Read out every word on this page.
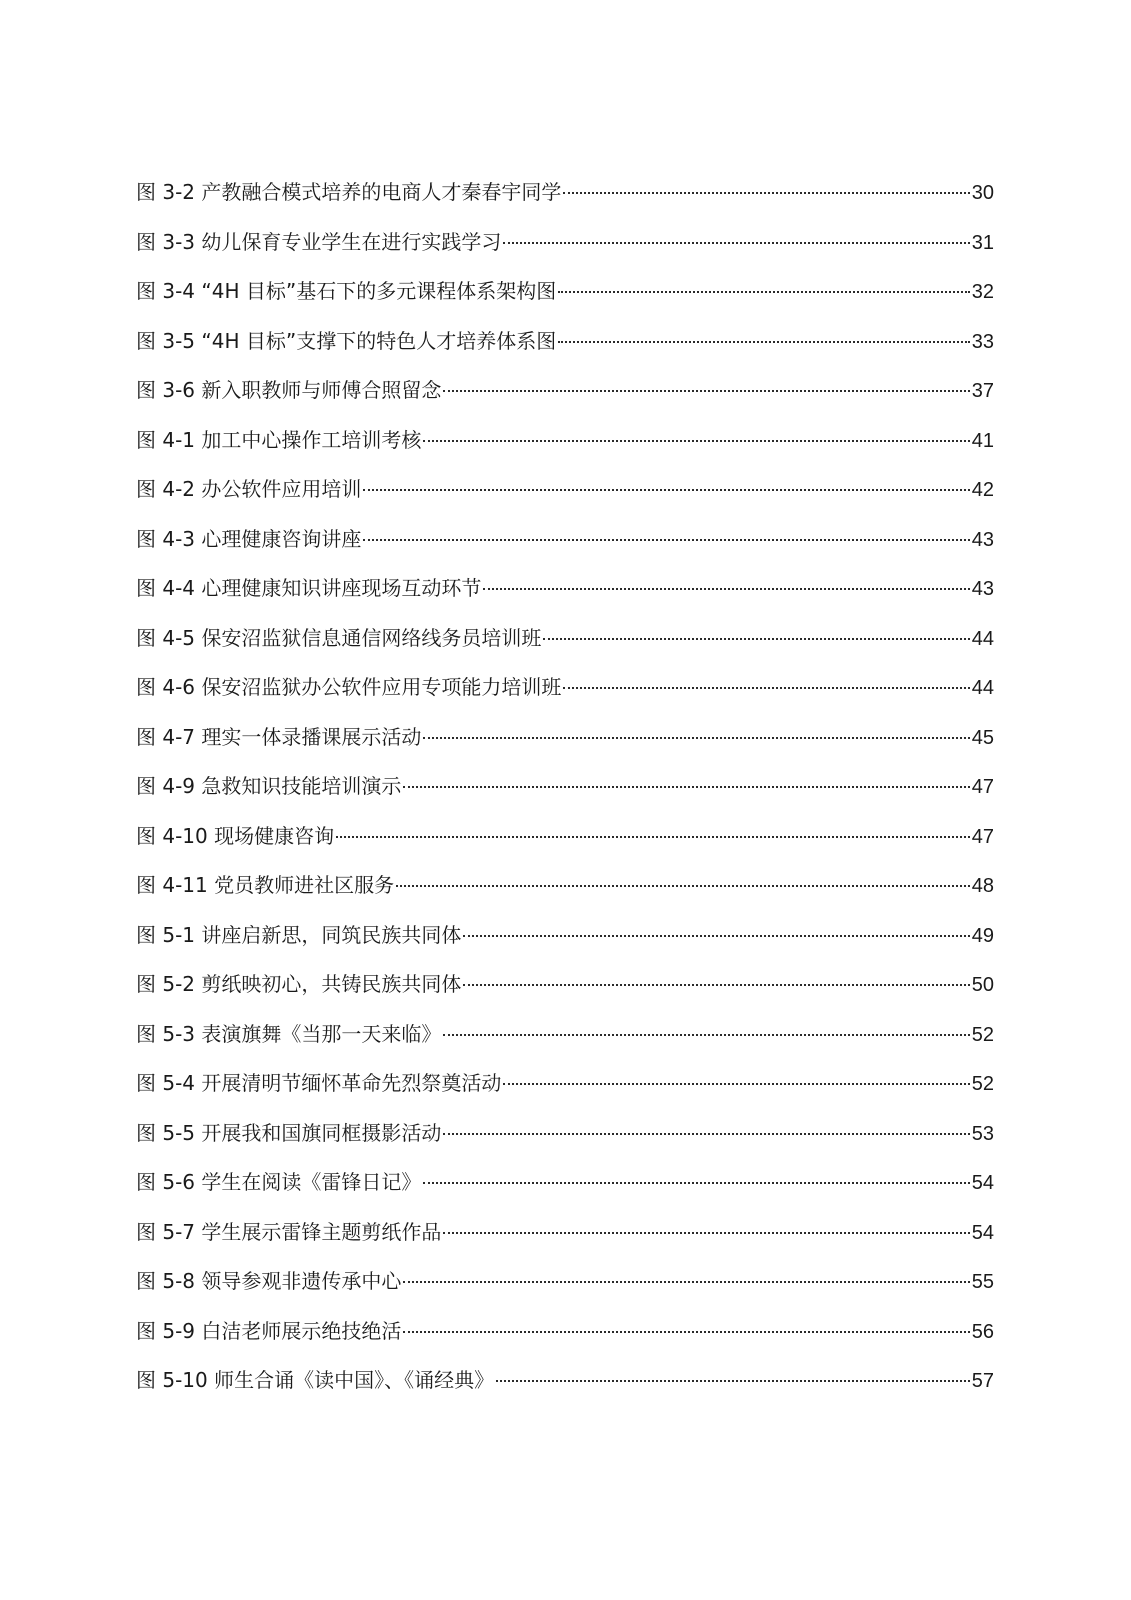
图 3-2 产教融合模式培养的电商人才秦春宇同学	30
图 3-3 幼儿保育专业学生在进行实践学习	31
图 3-4 “4H 目标”基石下的多元课程体系架构图	32
图 3-5 “4H 目标”支撑下的特色人才培养体系图	33
图 3-6 新入职教师与师傅合照留念	37
图 4-1 加工中心操作工培训考核	41
图 4-2 办公软件应用培训	42
图 4-3 心理健康咨询讲座	43
图 4-4 心理健康知识讲座现场互动环节	43
图 4-5 保安沼监狱信息通信网络线务员培训班	44
图 4-6 保安沼监狱办公软件应用专项能力培训班	44
图 4-7 理实一体录播课展示活动	45
图 4-9 急救知识技能培训演示	47
图 4-10 现场健康咨询	47
图 4-11 党员教师进社区服务	48
图 5-1 讲座启新思，同筑民族共同体	49
图 5-2 剪纸映初心，共铸民族共同体	50
图 5-3 表演旗舞《当那一天来临》	52
图 5-4 开展清明节缅怀革命先烈祭奠活动	52
图 5-5 开展我和国旗同框摄影活动	53
图 5-6 学生在阅读《雷锋日记》	54
图 5-7 学生展示雷锋主题剪纸作品	54
图 5-8 领导参观非遗传承中心	55
图 5-9 白洁老师展示绝技绝活	56
图 5-10 师生合诵《读中国》、《诵经典》	57
